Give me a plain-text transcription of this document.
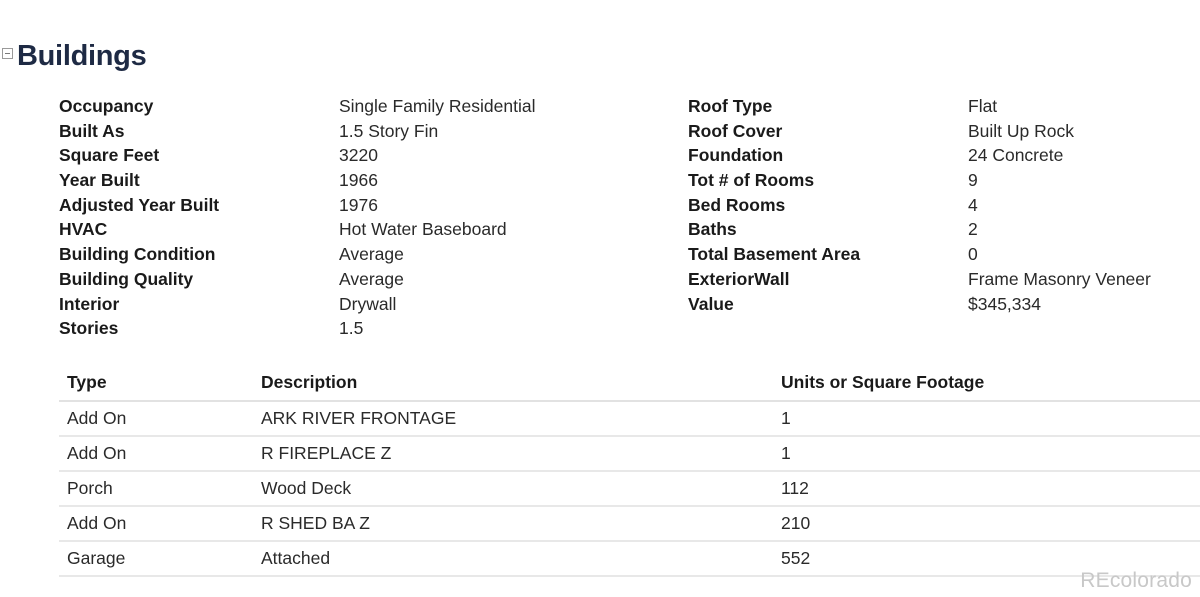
Buildings
Occupancy	Single Family Residential
Built As	1.5 Story Fin
Square Feet	3220
Year Built	1966
Adjusted Year Built	1976
HVAC	Hot Water Baseboard
Building Condition	Average
Building Quality	Average
Interior	Drywall
Stories	1.5
Roof Type	Flat
Roof Cover	Built Up Rock
Foundation	24 Concrete
Tot # of Rooms	9
Bed Rooms	4
Baths	2
Total Basement Area	0
ExteriorWall	Frame Masonry Veneer
Value	$345,334
Type	Description	Units or Square Footage
Add On	ARK RIVER FRONTAGE	1
Add On	R FIREPLACE Z	1
Porch	Wood Deck	112
Add On	R SHED BA Z	210
Garage	Attached	552
REcolorado
